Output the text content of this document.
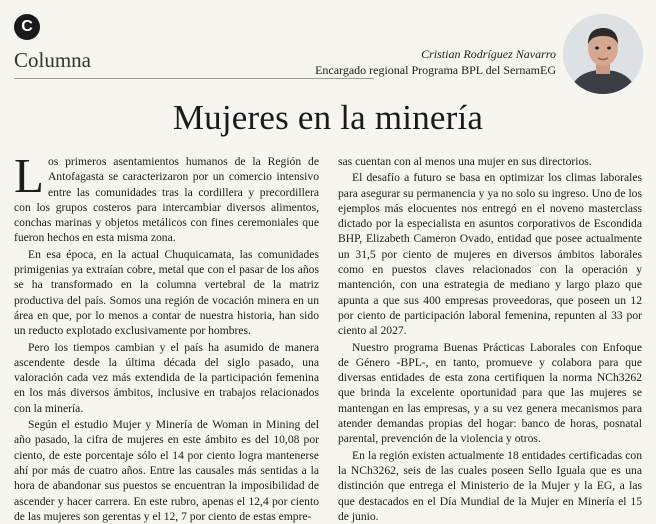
C
Columna	Cristian Rodríguez Navarro
Encargado regional Programa BPL del SernamEG
Mujeres en la minería

Los primeros asentamientos humanos de la Región de Antofagasta se caracterizaron por un comercio intensivo entre las comunidades tras la cordillera y precordillera con los grupos costeros para intercambiar diversos alimentos, conchas marinas y objetos metálicos con fines ceremoniales que fueron hechos en esta misma zona.

En esa época, en la actual Chuquicamata, las comunidades primigenias ya extraían cobre, metal que con el pasar de los años se ha transformado en la columna vertebral de la matriz productiva del país. Somos una región de vocación minera en un área en que, por lo menos a contar de nuestra historia, han sido un reducto explotado exclusivamente por hombres.

Pero los tiempos cambian y el país ha asumido de manera ascendente desde la última década del siglo pasado, una valoración cada vez más extendida de la participación femenina en los más diversos ámbitos, inclusive en trabajos relacionados con la minería.

Según el estudio Mujer y Minería de Woman in Mining del año pasado, la cifra de mujeres en este ámbito es del 10,08 por ciento, de este porcentaje sólo el 14 por ciento logra mantenerse ahí por más de cuatro años. Entre las causales más sentidas a la hora de abandonar sus puestos se encuentran la imposibilidad de ascender y hacer carrera. En este rubro, apenas el 12,4 por ciento de las mujeres son gerentas y el 12, 7 por ciento de estas empre-

sas cuentan con al menos una mujer en sus directorios.

El desafío a futuro se basa en optimizar los climas laborales para asegurar su permanencia y ya no solo su ingreso. Uno de los ejemplos más elocuentes nos entregó en el noveno masterclass dictado por la especialista en asuntos corporativos de Escondida BHP, Elizabeth Cameron Ovado, entidad que posee actualmente un 31,5 por ciento de mujeres en diversos ámbitos laborales como en puestos claves relacionados con la operación y mantención, con una estrategia de mediano y largo plazo que apunta a que sus 400 empresas proveedoras, que poseen un 12 por ciento de participación laboral femenina, repunten al 33 por ciento al 2027.

Nuestro programa Buenas Prácticas Laborales con Enfoque de Género -BPL-, en tanto, promueve y colabora para que diversas entidades de esta zona certifiquen la norma NCh3262 que brinda la excelente oportunidad para que las mujeres se mantengan en las empresas, y a su vez genera mecanismos para atender demandas propias del hogar: banco de horas, posnatal parental, prevención de la violencia y otros.

En la región existen actualmente 18 entidades certificadas con la NCh3262, seis de las cuales poseen Sello Iguala que es una distinción que entrega el Ministerio de la Mujer y la EG, a las que destacados en el Día Mundial de la Mujer en Minería el 15 de junio.
